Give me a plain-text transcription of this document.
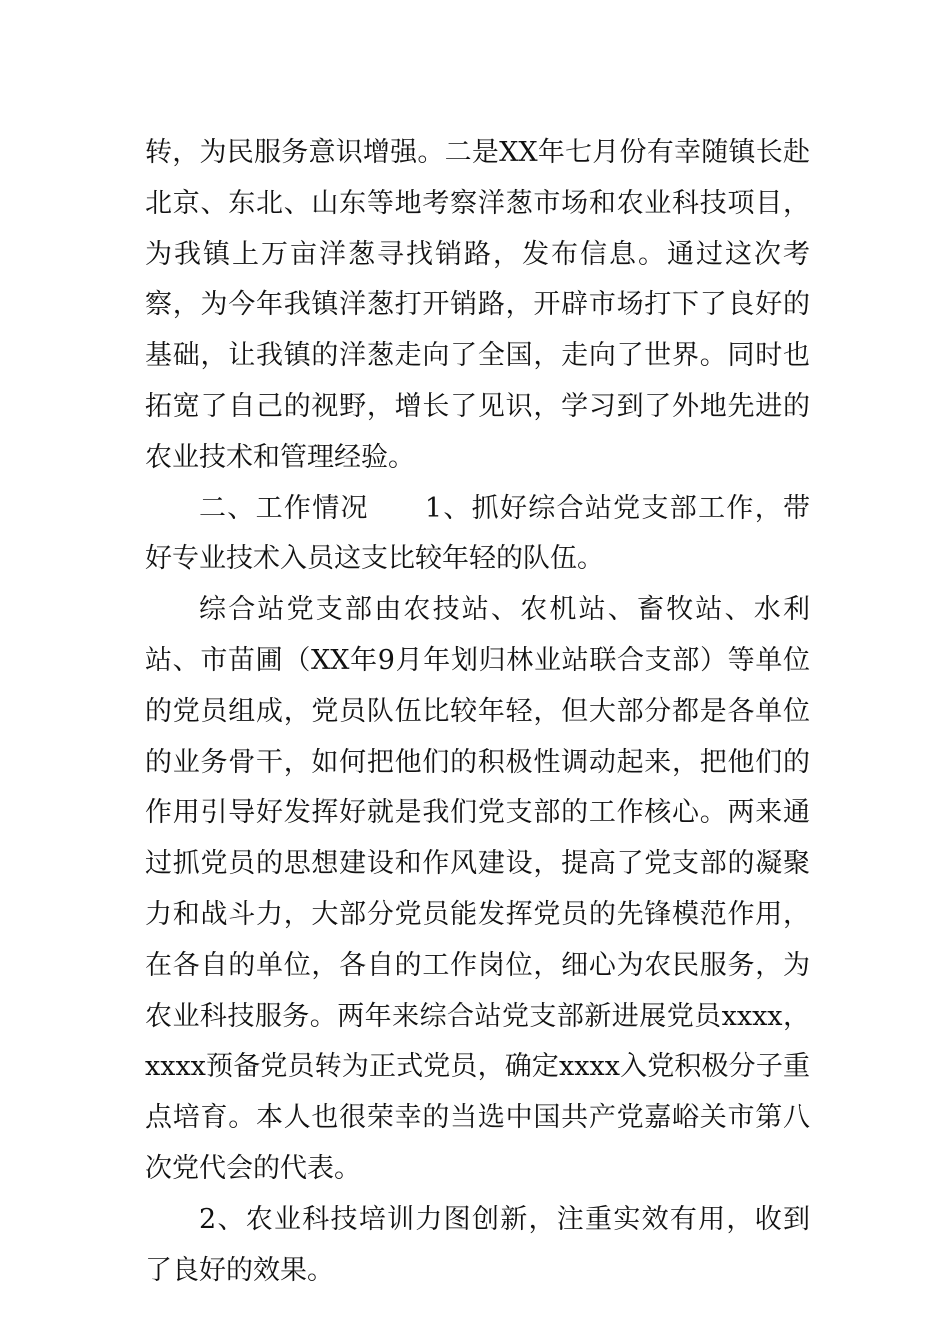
转，为民服务意识增强。二是XX年七月份有幸随镇长赴北京、东北、山东等地考察洋葱市场和农业科技项目，为我镇上万亩洋葱寻找销路，发布信息。通过这次考察，为今年我镇洋葱打开销路，开辟市场打下了良好的基础，让我镇的洋葱走向了全国，走向了世界。同时也拓宽了自己的视野，增长了见识，学习到了外地先进的农业技术和管理经验。

二、工作情况 1、抓好综合站党支部工作，带好专业技术入员这支比较年轻的队伍。

综合站党支部由农技站、农机站、畜牧站、水利站、市苗圃（XX年9月年划归林业站联合支部）等单位的党员组成，党员队伍比较年轻，但大部分都是各单位的业务骨干，如何把他们的积极性调动起来，把他们的作用引导好发挥好就是我们党支部的工作核心。两来通过抓党员的思想建设和作风建设，提高了党支部的凝聚力和战斗力，大部分党员能发挥党员的先锋模范作用，在各自的单位，各自的工作岗位，细心为农民服务，为农业科技服务。两年来综合站党支部新进展党员xxxx，xxxx预备党员转为正式党员，确定xxxx入党积极分子重点培育。本人也很荣幸的当选中国共产党嘉峪关市第八次党代会的代表。

2、农业科技培训力图创新，注重实效有用，收到了良好的效果。
